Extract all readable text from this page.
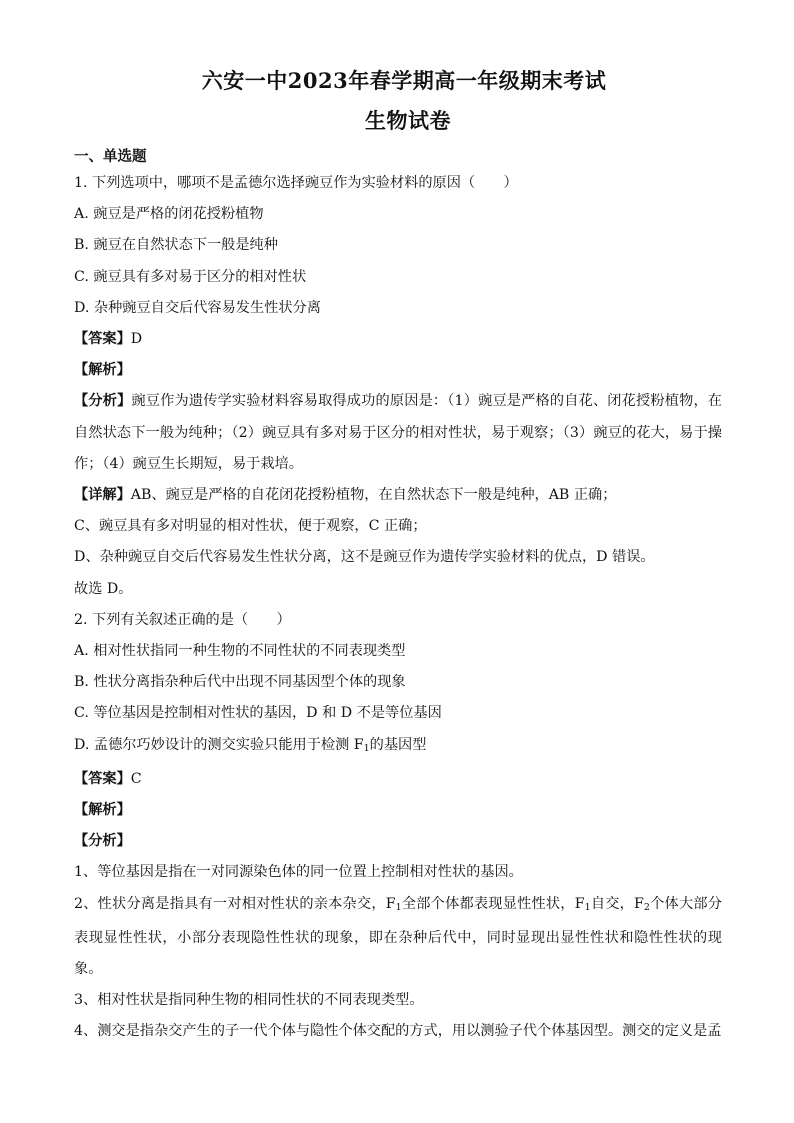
六安一中2023年春学期高一年级期末考试

生物试卷

一、单选题

1. 下列选项中，哪项不是孟德尔选择豌豆作为实验材料的原因（　　）

A. 豌豆是严格的闭花授粉植物

B. 豌豆在自然状态下一般是纯种

C. 豌豆具有多对易于区分的相对性状

D. 杂种豌豆自交后代容易发生性状分离

【答案】D

【解析】

【分析】豌豆作为遗传学实验材料容易取得成功的原因是：（1）豌豆是严格的自花、闭花授粉植物，在自然状态下一般为纯种；（2）豌豆具有多对易于区分的相对性状，易于观察；（3）豌豆的花大，易于操作；（4）豌豆生长期短，易于栽培。

【详解】AB、豌豆是严格的自花闭花授粉植物，在自然状态下一般是纯种，AB 正确；

C、豌豆具有多对明显的相对性状，便于观察，C 正确；

D、杂种豌豆自交后代容易发生性状分离，这不是豌豆作为遗传学实验材料的优点，D 错误。

故选 D。

2. 下列有关叙述正确的是（　　）

A. 相对性状指同一种生物的不同性状的不同表现类型

B. 性状分离指杂种后代中出现不同基因型个体的现象

C. 等位基因是控制相对性状的基因，D 和 D 不是等位基因

D. 孟德尔巧妙设计的测交实验只能用于检测 F1的基因型

【答案】C

【解析】

【分析】

1、等位基因是指在一对同源染色体的同一位置上控制相对性状的基因。

2、性状分离是指具有一对相对性状的亲本杂交，F1全部个体都表现显性性状，F1自交，F2个体大部分表现显性性状，小部分表现隐性性状的现象，即在杂种后代中，同时显现出显性性状和隐性性状的现象。

3、相对性状是指同种生物的相同性状的不同表现类型。

4、测交是指杂交产生的子一代个体与隐性个体交配的方式，用以测验子代个体基因型。测交的定义是孟
